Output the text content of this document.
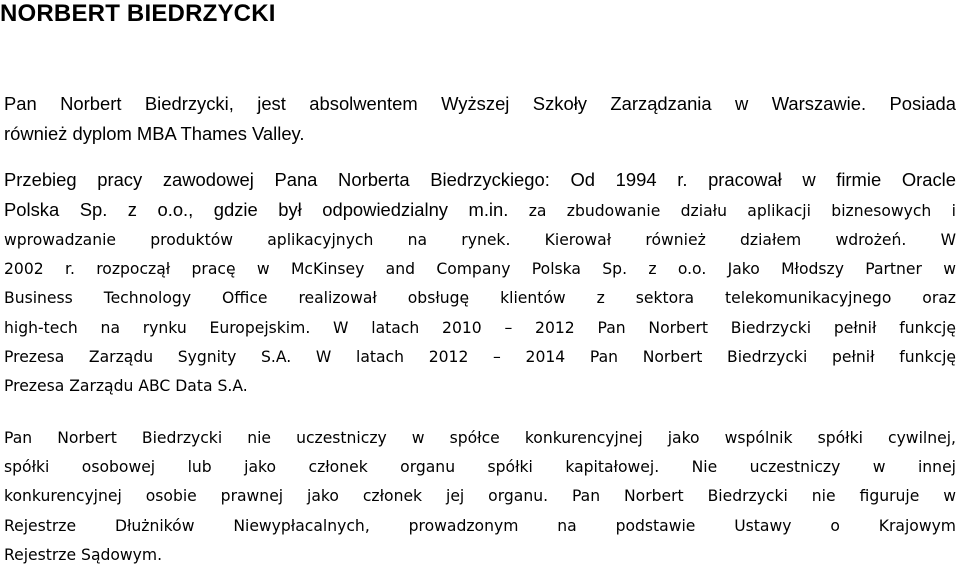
NORBERT BIEDRZYCKI

Pan Norbert Biedrzycki, jest absolwentem Wyższej Szkoły Zarządzania w Warszawie. Posiada
również dyplom MBA Thames Valley.

Przebieg pracy zawodowej Pana Norberta Biedrzyckiego: Od 1994 r. pracował w firmie Oracle

Polska Sp. z o.o., gdzie był odpowiedzialny m.in. za zbudowanie działu aplikacji biznesowych i

wprowadzanie produktów aplikacyjnych na rynek. Kierował również działem wdrożeń. W
2002 r. rozpoczął pracę w McKinsey and Company Polska Sp. z o.o. Jako Młodszy Partner w
Business Technology Office realizował obsługę klientów z sektora telekomunikacyjnego oraz
high-tech na rynku Europejskim. W latach 2010 – 2012 Pan Norbert Biedrzycki pełnił funkcję
Prezesa Zarządu Sygnity S.A. W latach 2012 – 2014 Pan Norbert Biedrzycki pełnił funkcję
Prezesa Zarządu ABC Data S.A.

Pan Norbert Biedrzycki nie uczestniczy w spółce konkurencyjnej jako wspólnik spółki cywilnej,
spółki osobowej lub jako członek organu spółki kapitałowej. Nie uczestniczy w innej
konkurencyjnej osobie prawnej jako członek jej organu. Pan Norbert Biedrzycki nie figuruje w
Rejestrze Dłużników Niewypłacalnych, prowadzonym na podstawie Ustawy o Krajowym
Rejestrze Sądowym.
